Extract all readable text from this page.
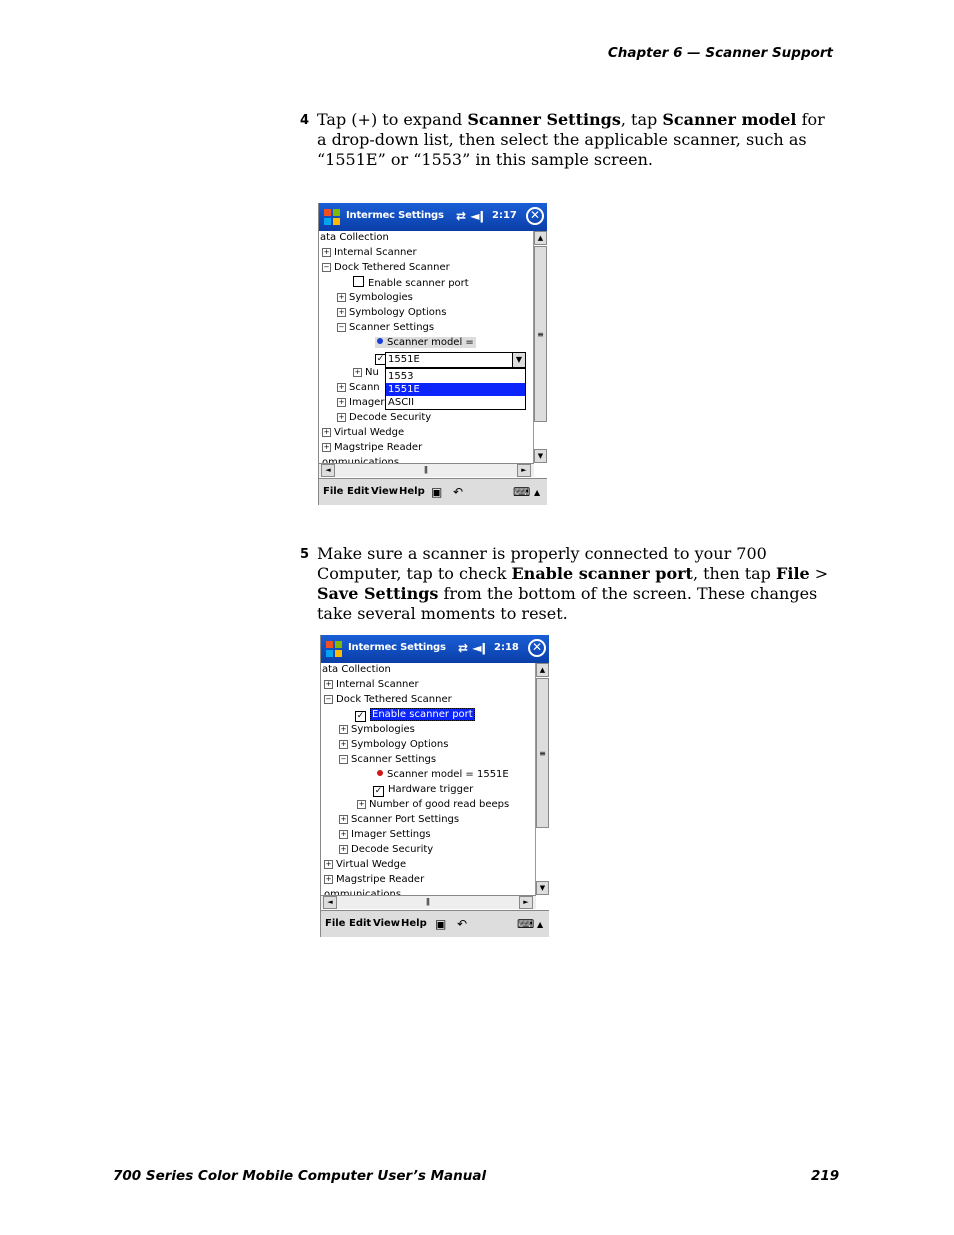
Chapter 6 — Scanner Support
4 Tap (+) to expand Scanner Settings, tap Scanner model for a drop-down list, then select the applicable scanner, such as “1551E” or “1553” in this sample screen.
Intermec Settings ⇄ ◄ǀ 2:17	✕
ata Collection
+ Internal Scanner
− Dock Tethered Scanner
Enable scanner port
+ Symbologies
+ Symbology Options
− Scanner Settings
Scanner model =
✓
+ Nu
+ Scann
+ Imager
+ Decode Security
+ Virtual Wedge
+ Magstripe Reader
1551E	▼
1553
1551E
ASCII
▲
≡
▼
◄	ǁ	►
File Edit View Help ▣ ↶	⌨ ▲
5 Make sure a scanner is properly connected to your 700 Computer, tap to check Enable scanner port, then tap File > Save Settings from the bottom of the screen. These changes take several moments to reset.
Intermec Settings ⇄ ◄ǀ 2:18	✕
ata Collection
+ Internal Scanner
− Dock Tethered Scanner
✓ Enable scanner port
+ Symbologies
+ Symbology Options
− Scanner Settings
Scanner model = 1551E
✓ Hardware trigger
+ Number of good read beeps
+ Scanner Port Settings
+ Imager Settings
+ Decode Security
+ Virtual Wedge
+ Magstripe Reader
▲
≡
▼
◄	ǁ	►
File Edit View Help ▣ ↶	⌨ ▲
700 Series Color Mobile Computer User’s Manual	219
